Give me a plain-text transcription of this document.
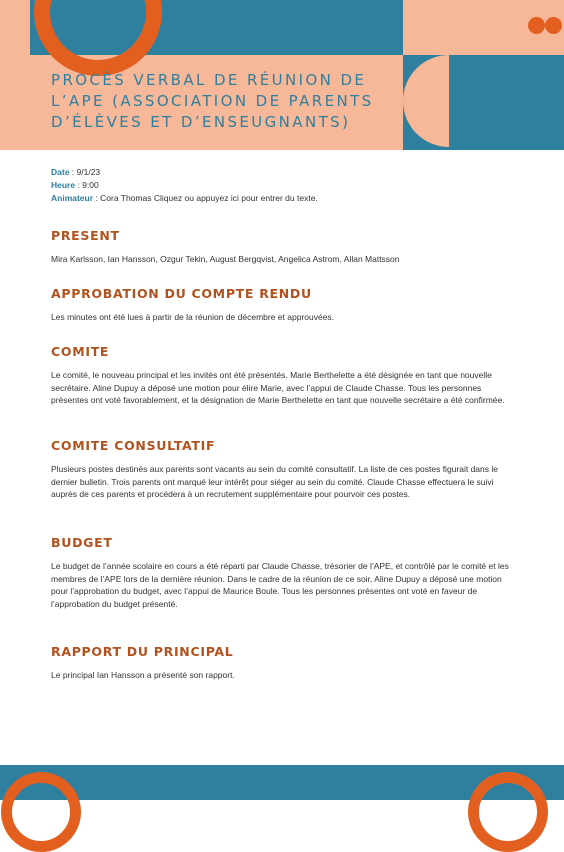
PROCÈS VERBAL DE RÉUNION DE L’APE (ASSOCIATION DE PARENTS D’ÉLÈVES ET D’ENSEUGNANTS)
Date : 9/1/23
Heure : 9:00
Animateur : Cora Thomas Cliquez ou appuyez ici pour entrer du texte.
PRESENT

Mira Karlsson, Ian Hansson, Ozgur Tekin, August Bergqvist, Angelica Astrom, Allan Mattsson

APPROBATION DU COMPTE RENDU

Les minutes ont été lues à partir de la réunion de décembre et approuvées.

COMITE

Le comité, le nouveau principal et les invités ont été présentés. Marie Berthelette a été désignée en tant que nouvelle secrétaire. Aline Dupuy a déposé une motion pour élire Marie, avec l’appui de Claude Chasse. Tous les personnes présentes ont voté favorablement, et la désignation de Marie Berthelette en tant que nouvelle secrétaire a été confirmée.

COMITE CONSULTATIF

Plusieurs postes destinés aux parents sont vacants au sein du comité consultatif. La liste de ces postes figurait dans le dernier bulletin. Trois parents ont marqué leur intérêt pour siéger au sein du comité. Claude Chasse effectuera le suivi auprès de ces parents et procédera à un recrutement supplémentaire pour pourvoir ces postes.

BUDGET

Le budget de l’année scolaire en cours a été réparti par Claude Chasse, trésorier de l’APE, et contrôlé par le comité et les membres de l’APE lors de la dernière réunion. Dans le cadre de la réunion de ce soir, Aline Dupuy a déposé une motion pour l’approbation du budget, avec l’appui de Maurice Boule. Tous les personnes présentes ont voté en faveur de l’approbation du budget présenté.

RAPPORT DU PRINCIPAL

Le principal Ian Hansson a présenté son rapport.
